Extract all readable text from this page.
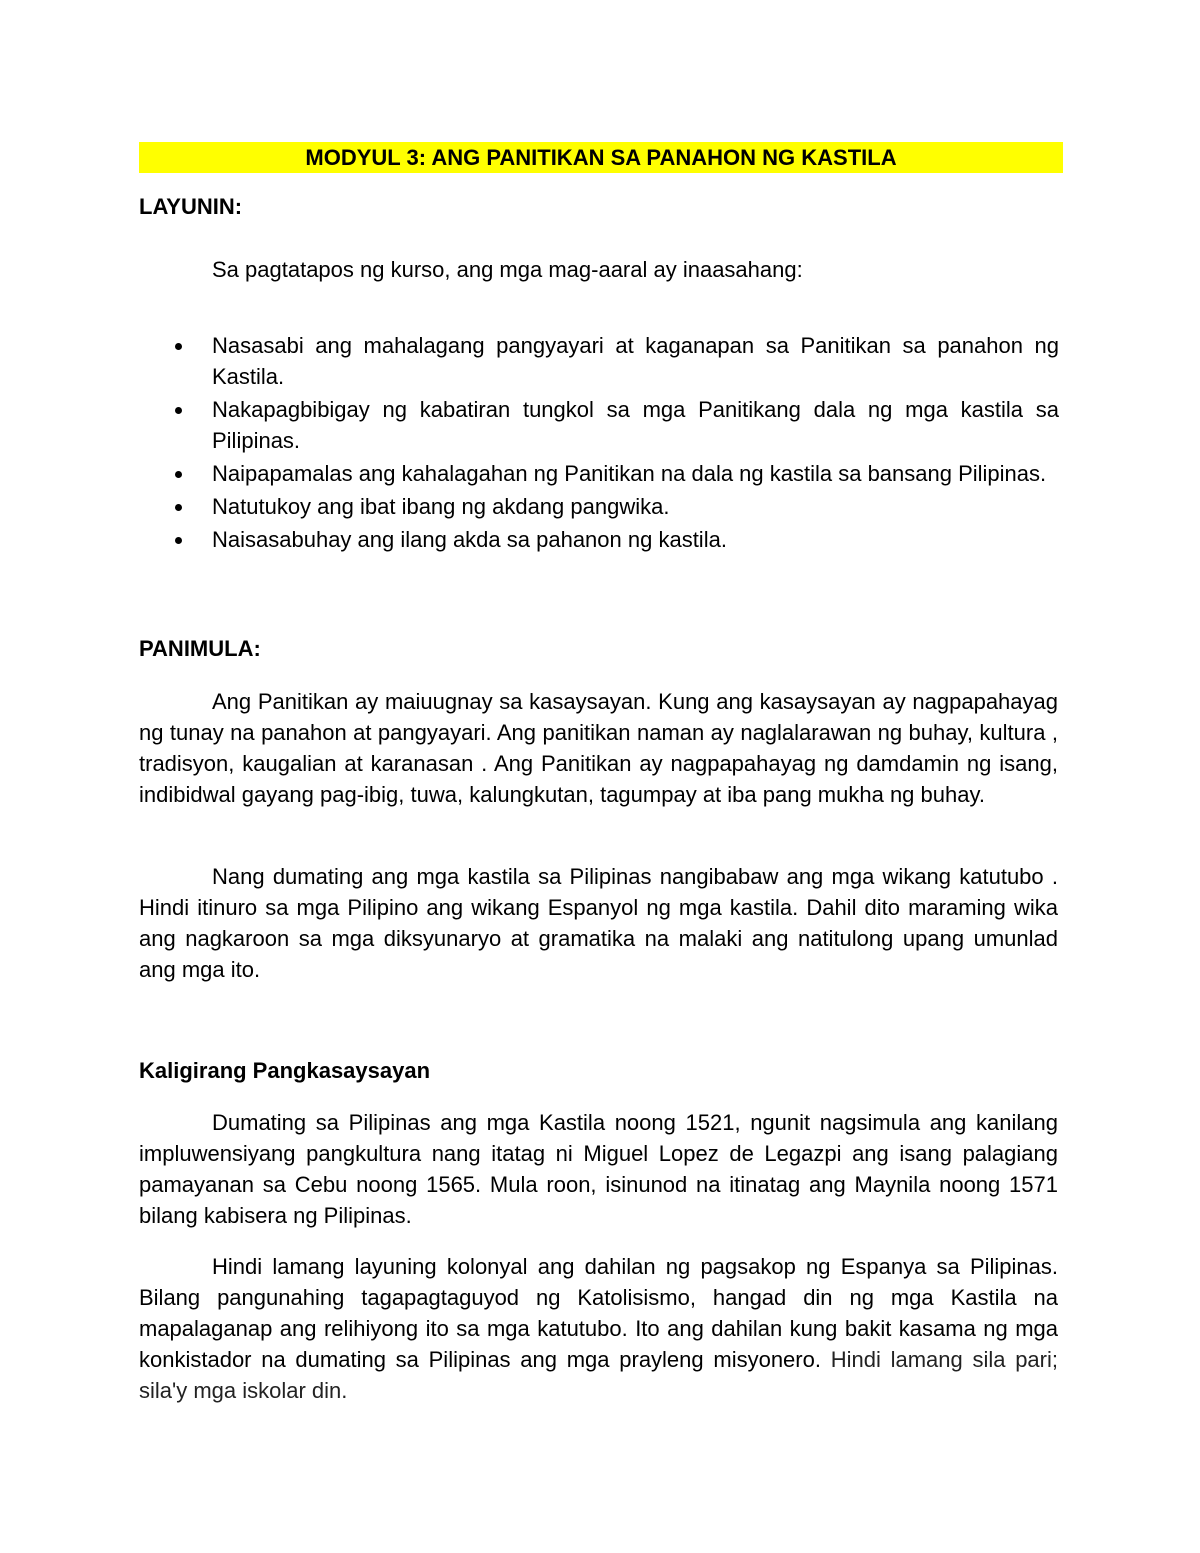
MODYUL 3: ANG PANITIKAN SA PANAHON NG KASTILA
LAYUNIN:
Sa pagtatapos ng kurso, ang mga mag-aaral ay inaasahang:
Nasasabi ang mahalagang pangyayari at kaganapan sa Panitikan sa panahon ng Kastila.
Nakapagbibigay ng kabatiran tungkol sa mga Panitikang dala ng mga kastila sa Pilipinas.
Naipapamalas ang kahalagahan ng Panitikan na dala ng kastila sa bansang Pilipinas.
Natutukoy ang ibat ibang ng akdang pangwika.
Naisasabuhay ang ilang akda sa pahanon ng kastila.
PANIMULA:
Ang Panitikan ay maiuugnay sa kasaysayan. Kung ang kasaysayan ay nagpapahayag ng tunay na panahon at pangyayari. Ang panitikan naman ay naglalarawan ng buhay, kultura , tradisyon, kaugalian at karanasan . Ang Panitikan ay nagpapahayag ng damdamin ng isang, indibidwal gayang pag-ibig, tuwa, kalungkutan, tagumpay at iba pang mukha ng buhay.
Nang dumating ang mga kastila sa Pilipinas nangibabaw ang mga wikang katutubo . Hindi itinuro sa mga Pilipino ang wikang Espanyol ng mga kastila. Dahil dito maraming wika ang nagkaroon sa mga diksyunaryo at gramatika na malaki ang natitulong upang umunlad ang mga ito.
Kaligirang Pangkasaysayan
Dumating sa Pilipinas ang mga Kastila noong 1521, ngunit nagsimula ang kanilang impluwensiyang pangkultura nang itatag ni Miguel Lopez de Legazpi ang isang palagiang pamayanan sa Cebu noong 1565. Mula roon, isinunod na itinatag ang Maynila noong 1571 bilang kabisera ng Pilipinas.
Hindi lamang layuning kolonyal ang dahilan ng pagsakop ng Espanya sa Pilipinas. Bilang pangunahing tagapagtaguyod ng Katolisismo, hangad din ng mga Kastila na mapalaganap ang relihiyong ito sa mga katutubo. Ito ang dahilan kung bakit kasama ng mga konkistador na dumating sa Pilipinas ang mga prayleng misyonero. Hindi lamang sila pari; sila'y mga iskolar din.
